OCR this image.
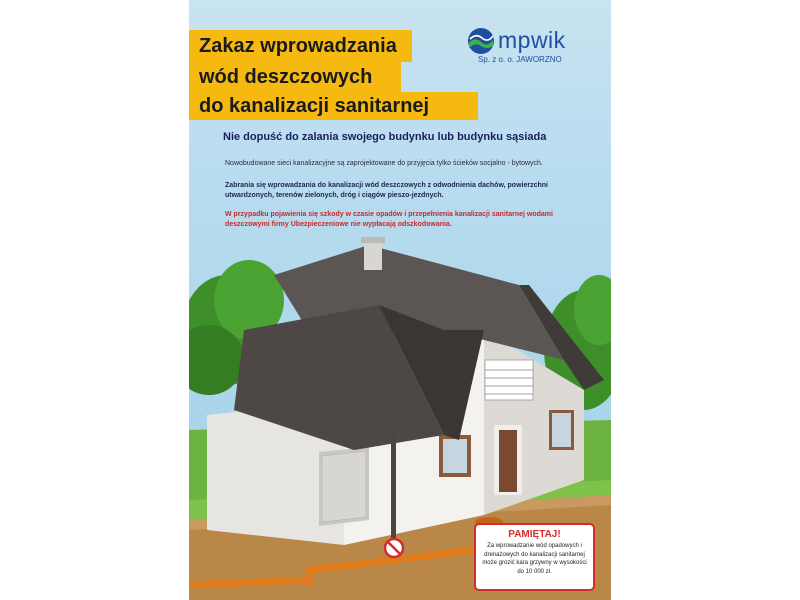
Zakaz wprowadzania
wód deszczowych
do kanalizacji sanitarnej
mpwik
Sp. z o. o. JAWORZNO
Nie dopuść do zalania swojego budynku lub budynku sąsiada
Nowobudowane sieci kanalizacyjne są zaprojektowane do przyjęcia tylko ścieków socjalno - bytowych.
Zabrania się wprowadzania do kanalizacji wód deszczowych z odwodnienia dachów, powierzchni utwardzonych, terenów zielonych, dróg i ciągów pieszo-jezdnych.
W przypadku pojawienia się szkody w czasie opadów i przepełnienia kanalizacji sanitarnej wodami deszczowymi firmy Ubezpieczeniowe nie wypłacają odszkodowania.
PAMIĘTAJ!
Za wprowadzanie wód opadowych i drenażowych do kanalizacji sanitarnej może grozić kara grzywny w wysokości do 10 000 zł.
